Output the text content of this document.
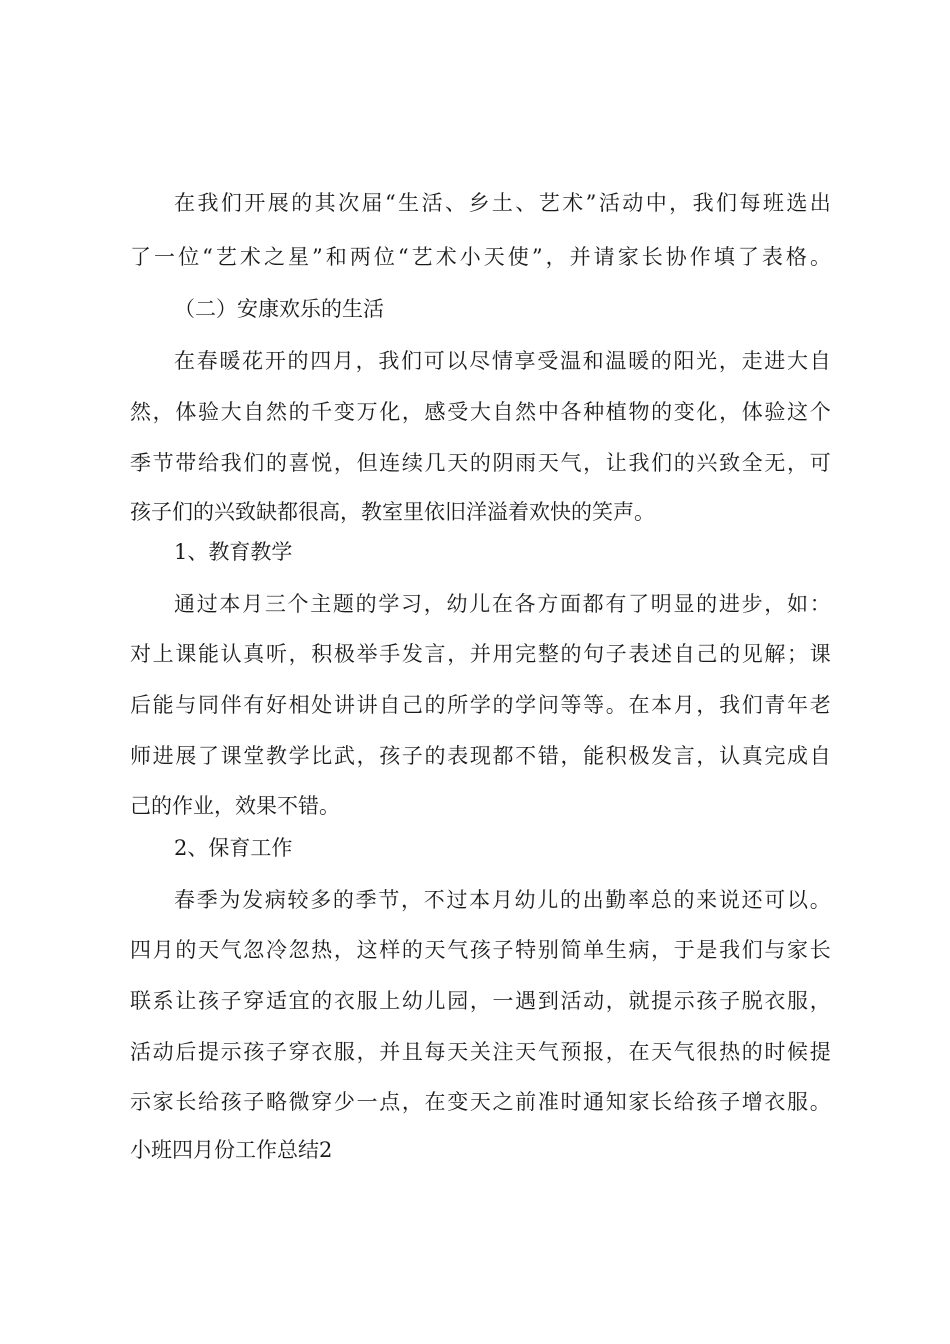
在 我 们 开 展 的 其 次 届 “ 生 活 、 乡 土 、 艺 术 ” 活 动 中 ， 我 们 每 班 选 出
了 一 位 “ 艺 术 之 星 ” 和 两 位 “ 艺 术 小 天 使 ” ， 并 请 家 长 协 作 填 了 表 格 。
（二）安康欢乐的生活
在 春 暖 花 开 的 四 月 ， 我 们 可 以 尽 情 享 受 温 和 温 暖 的 阳 光 ， 走 进 大 自
然 ， 体 验 大 自 然 的 千 变 万 化 ， 感 受 大 自 然 中 各 种 植 物 的 变 化 ， 体 验 这 个
季 节 带 给 我 们 的 喜 悦 ， 但 连 续 几 天 的 阴 雨 天 气 ， 让 我 们 的 兴 致 全 无 ， 可
孩子们的兴致缺都很高，教室里依旧洋溢着欢快的笑声。
1、教育教学
通 过 本 月 三 个 主 题 的 学 习 ， 幼 儿 在 各 方 面 都 有 了 明 显 的 进 步 ， 如 ：
对 上 课 能 认 真 听 ， 积 极 举 手 发 言 ， 并 用 完 整 的 句 子 表 述 自 己 的 见 解 ； 课
后 能 与 同 伴 有 好 相 处 讲 讲 自 己 的 所 学 的 学 问 等 等 。 在 本 月 ， 我 们 青 年 老
师 进 展 了 课 堂 教 学 比 武 ， 孩 子 的 表 现 都 不 错 ， 能 积 极 发 言 ， 认 真 完 成 自
己的作业，效果不错。
2、保育工作
春 季 为 发 病 较 多 的 季 节 ， 不 过 本 月 幼 儿 的 出 勤 率 总 的 来 说 还 可 以 。
四 月 的 天 气 忽 冷 忽 热 ， 这 样 的 天 气 孩 子 特 别 简 单 生 病 ， 于 是 我 们 与 家 长
联 系 让 孩 子 穿 适 宜 的 衣 服 上 幼 儿 园 ， 一 遇 到 活 动 ， 就 提 示 孩 子 脱 衣 服 ，
活 动 后 提 示 孩 子 穿 衣 服 ， 并 且 每 天 关 注 天 气 预 报 ， 在 天 气 很 热 的 时 候 提
示 家 长 给 孩 子 略 微 穿 少 一 点 ， 在 变 天 之 前 准 时 通 知 家 长 给 孩 子 增 衣 服 。
小班四月份工作总结2
